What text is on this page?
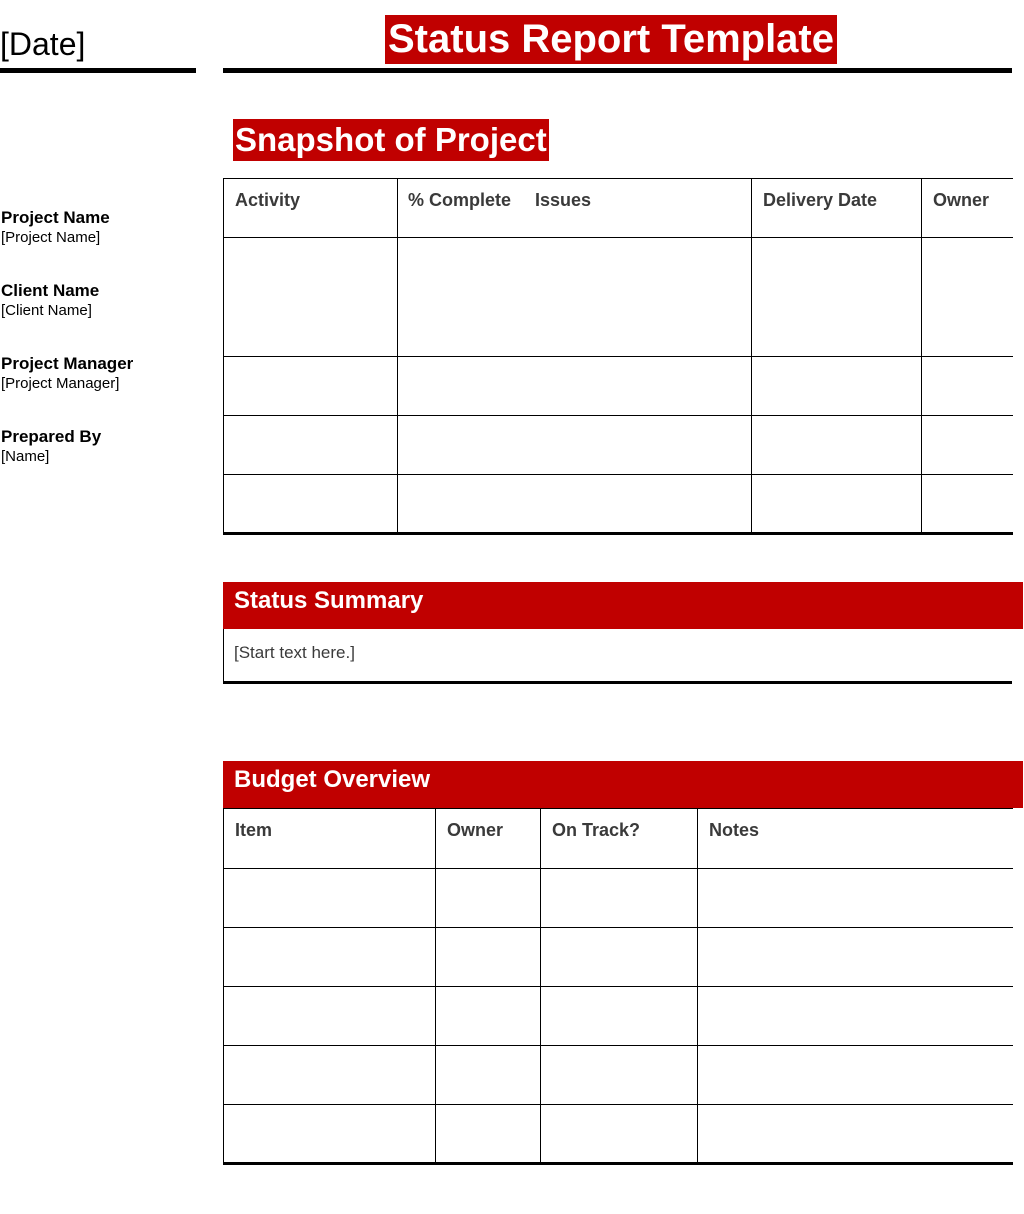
[Date]	Status Report Template
Project Name
[Project Name]
Client Name
[Client Name]
Project Manager
[Project Manager]
Prepared By
[Name]
Snapshot of Project
Activity	% Complete Issues	Delivery Date	Owner

Status Summary
[Start text here.]
Budget Overview
Item	Owner	On Track?	Notes
